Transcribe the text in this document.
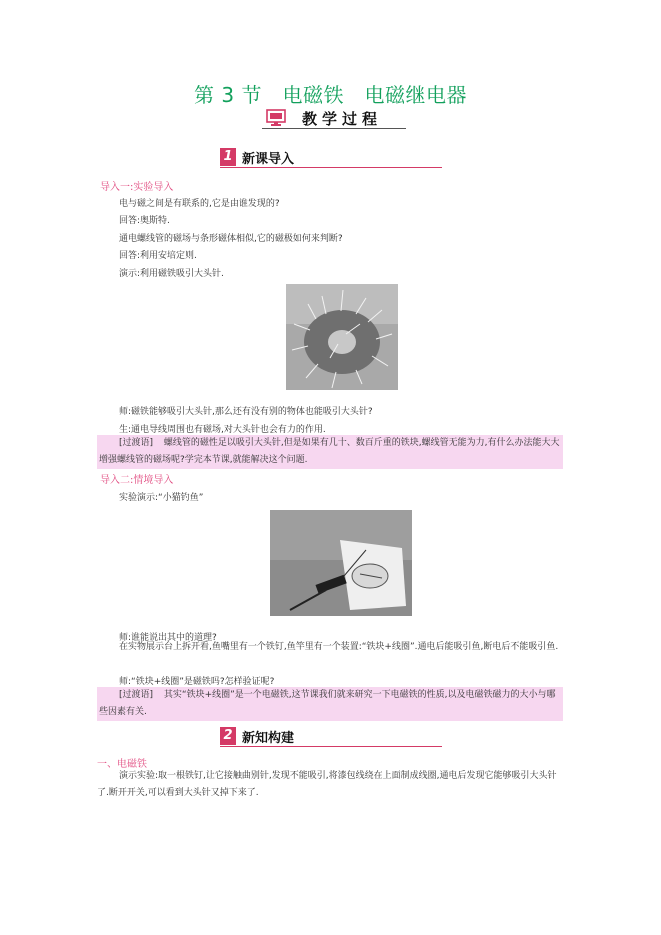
第 3 节　电磁铁　电磁继电器
教学过程
1 新课导入
导入一:实验导入
电与磁之间是有联系的,它是由谁发现的?
回答:奥斯特.
通电螺线管的磁场与条形磁体相似,它的磁极如何来判断?
回答:利用安培定则.
演示:利用磁铁吸引大头针.
师:磁铁能够吸引大头针,那么还有没有别的物体也能吸引大头针?
生:通电导线周围也有磁场,对大头针也会有力的作用.
[过渡语] 螺线管的磁性足以吸引大头针,但是如果有几十、数百斤重的铁块,螺线管无能为力,有什么办法能大大增强螺线管的磁场呢?学完本节课,就能解决这个问题.
导入二:情境导入
实验演示:“小猫钓鱼”
师:谁能说出其中的道理?
在实物展示台上拆开看,鱼嘴里有一个铁钉,鱼竿里有一个装置:“铁块+线圈”.通电后能吸引鱼,断电后不能吸引鱼.
师:“铁块+线圈”是磁铁吗?怎样验证呢?
[过渡语] 其实“铁块+线圈”是一个电磁铁,这节课我们就来研究一下电磁铁的性质,以及电磁铁磁力的大小与哪些因素有关.
2 新知构建
一、电磁铁
演示实验:取一根铁钉,让它接触曲别针,发现不能吸引,将漆包线绕在上面制成线圈,通电后发现它能够吸引大头针了.断开开关,可以看到大头针又掉下来了.
